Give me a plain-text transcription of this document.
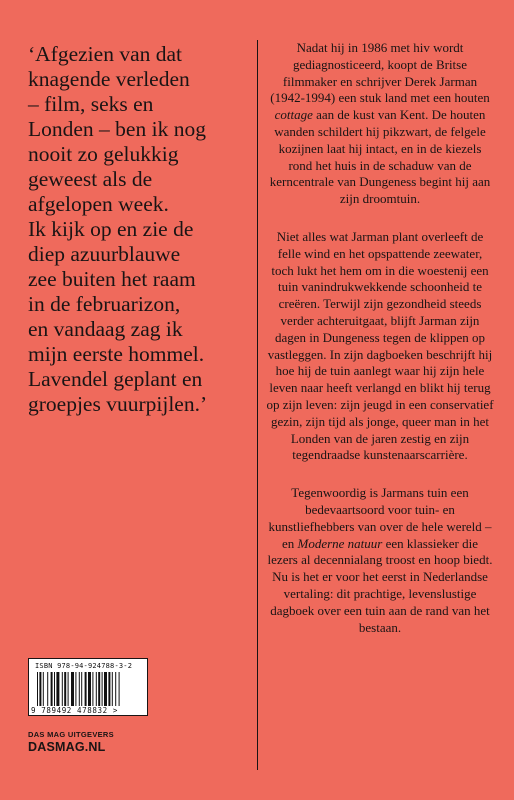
‘Afgezien van dat
knagende verleden
– film, seks en
Londen – ben ik nog
nooit zo gelukkig
geweest als de
afgelopen week.
Ik kijk op en zie de
diep azuurblauwe
zee buiten het raam
in de februarizon,
en vandaag zag ik
mijn eerste hommel.
Lavendel geplant en
groepjes vuurpijlen.’

Nadat hij in 1986 met hiv wordt gediagnosticeerd, koopt de Britse filmmaker en schrijver Derek Jarman (1942-1994) een stuk land met een houten cottage aan de kust van Kent. De houten wanden schildert hij pikzwart, de felgele kozijnen laat hij intact, en in de kiezels rond het huis in de schaduw van de kerncentrale van Dungeness begint hij aan zijn droomtuin.

Niet alles wat Jarman plant overleeft de felle wind en het opspattende zeewater, toch lukt het hem om in die woestenij een tuin vanindrukwekkende schoonheid te creëren. Terwijl zijn gezondheid steeds verder achteruitgaat, blijft Jarman zijn dagen in Dungeness tegen de klippen op vastleggen. In zijn dagboeken beschrijft hij hoe hij de tuin aanlegt waar hij zijn hele leven naar heeft verlangd en blikt hij terug op zijn leven: zijn jeugd in een conservatief gezin, zijn tijd als jonge, queer man in het Londen van de jaren zestig en zijn tegendraadse kunstenaarscarrière.

Tegenwoordig is Jarmans tuin een bedevaartsoord voor tuin- en kunstliefhebbers van over de hele wereld – en Moderne natuur een klassieker die lezers al decennialang troost en hoop biedt. Nu is het er voor het eerst in Nederlandse vertaling: dit prachtige, levenslustige dagboek over een tuin aan de rand van het bestaan.

ISBN 978-94-924788-3-2
9 789492 478832 >
DAS MAG UITGEVERS
DASMAG.NL
